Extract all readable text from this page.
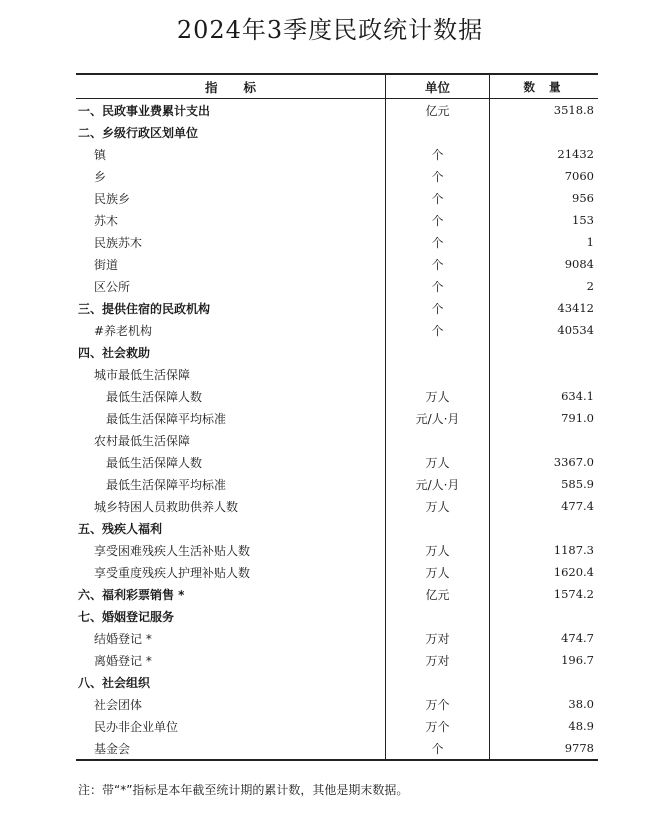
2024年3季度民政统计数据
指标	单位	数量
一、民政事业费累计支出	亿元	3518.8
二、乡级行政区划单位
镇	个	21432
乡	个	7060
民族乡	个	956
苏木	个	153
民族苏木	个	1
街道	个	9084
区公所	个	2
三、提供住宿的民政机构	个	43412
#养老机构	个	40534
四、社会救助
城市最低生活保障
最低生活保障人数	万人	634.1
最低生活保障平均标准	元/人·月	791.0
农村最低生活保障
最低生活保障人数	万人	3367.0
最低生活保障平均标准	元/人·月	585.9
城乡特困人员救助供养人数	万人	477.4
五、残疾人福利
享受困难残疾人生活补贴人数	万人	1187.3
享受重度残疾人护理补贴人数	万人	1620.4
六、福利彩票销售 *	亿元	1574.2
七、婚姻登记服务
结婚登记 *	万对	474.7
离婚登记 *	万对	196.7
八、社会组织
社会团体	万个	38.0
民办非企业单位	万个	48.9
基金会	个	9778
注：带“*”指标是本年截至统计期的累计数，其他是期末数据。
